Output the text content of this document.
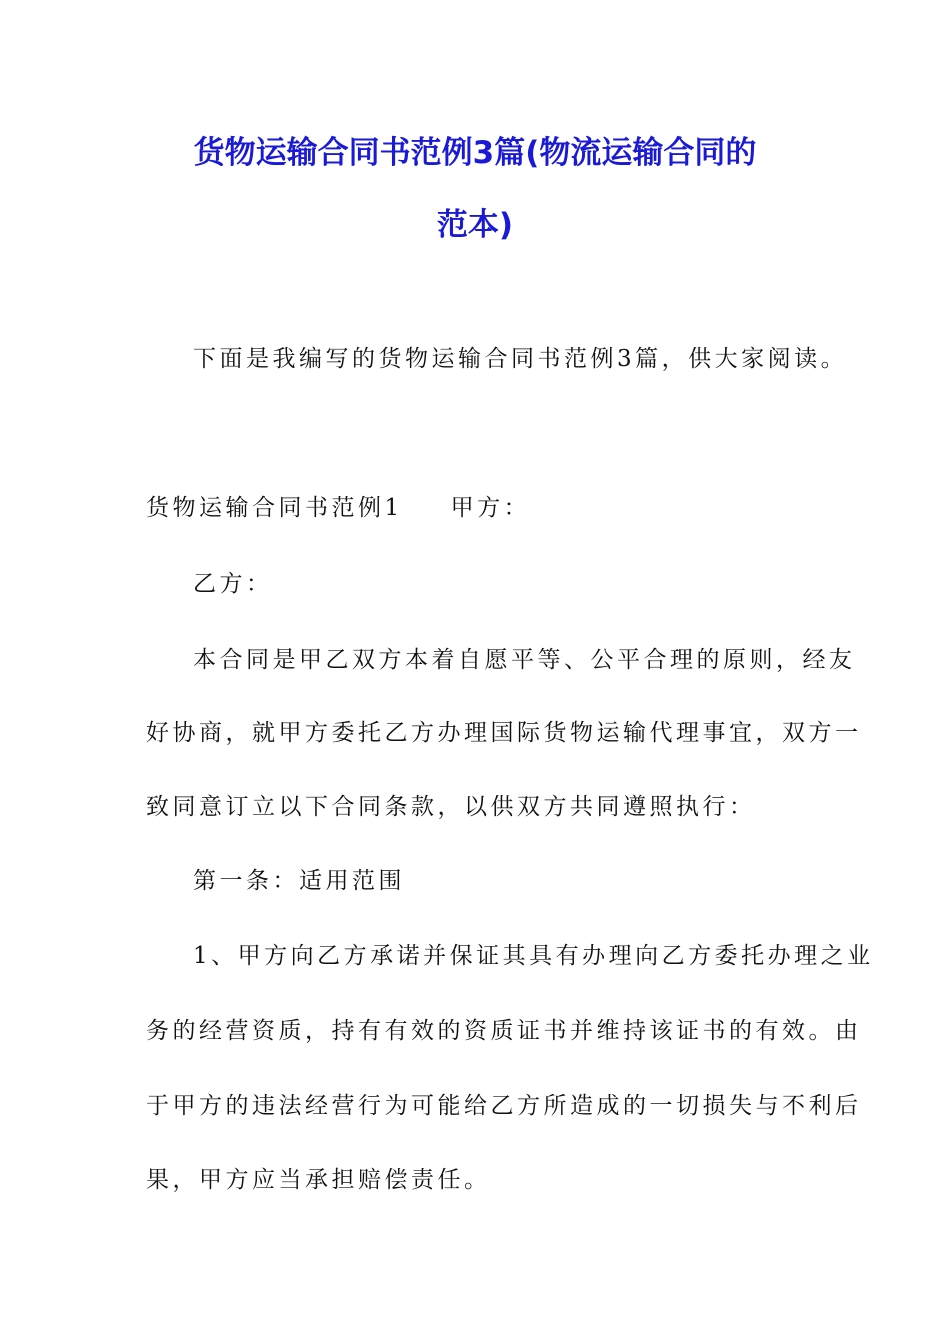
货物运输合同书范例3篇(物流运输合同的
范本)
下面是我编写的货物运输合同书范例3篇，供大家阅读。
货物运输合同书范例1 甲方：
乙方：
本合同是甲乙双方本着自愿平等、公平合理的原则，经友
好协商，就甲方委托乙方办理国际货物运输代理事宜，双方一
致同意订立以下合同条款，以供双方共同遵照执行：
第一条：适用范围
1、甲方向乙方承诺并保证其具有办理向乙方委托办理之业
务的经营资质，持有有效的资质证书并维持该证书的有效。由
于甲方的违法经营行为可能给乙方所造成的一切损失与不利后
果，甲方应当承担赔偿责任。
